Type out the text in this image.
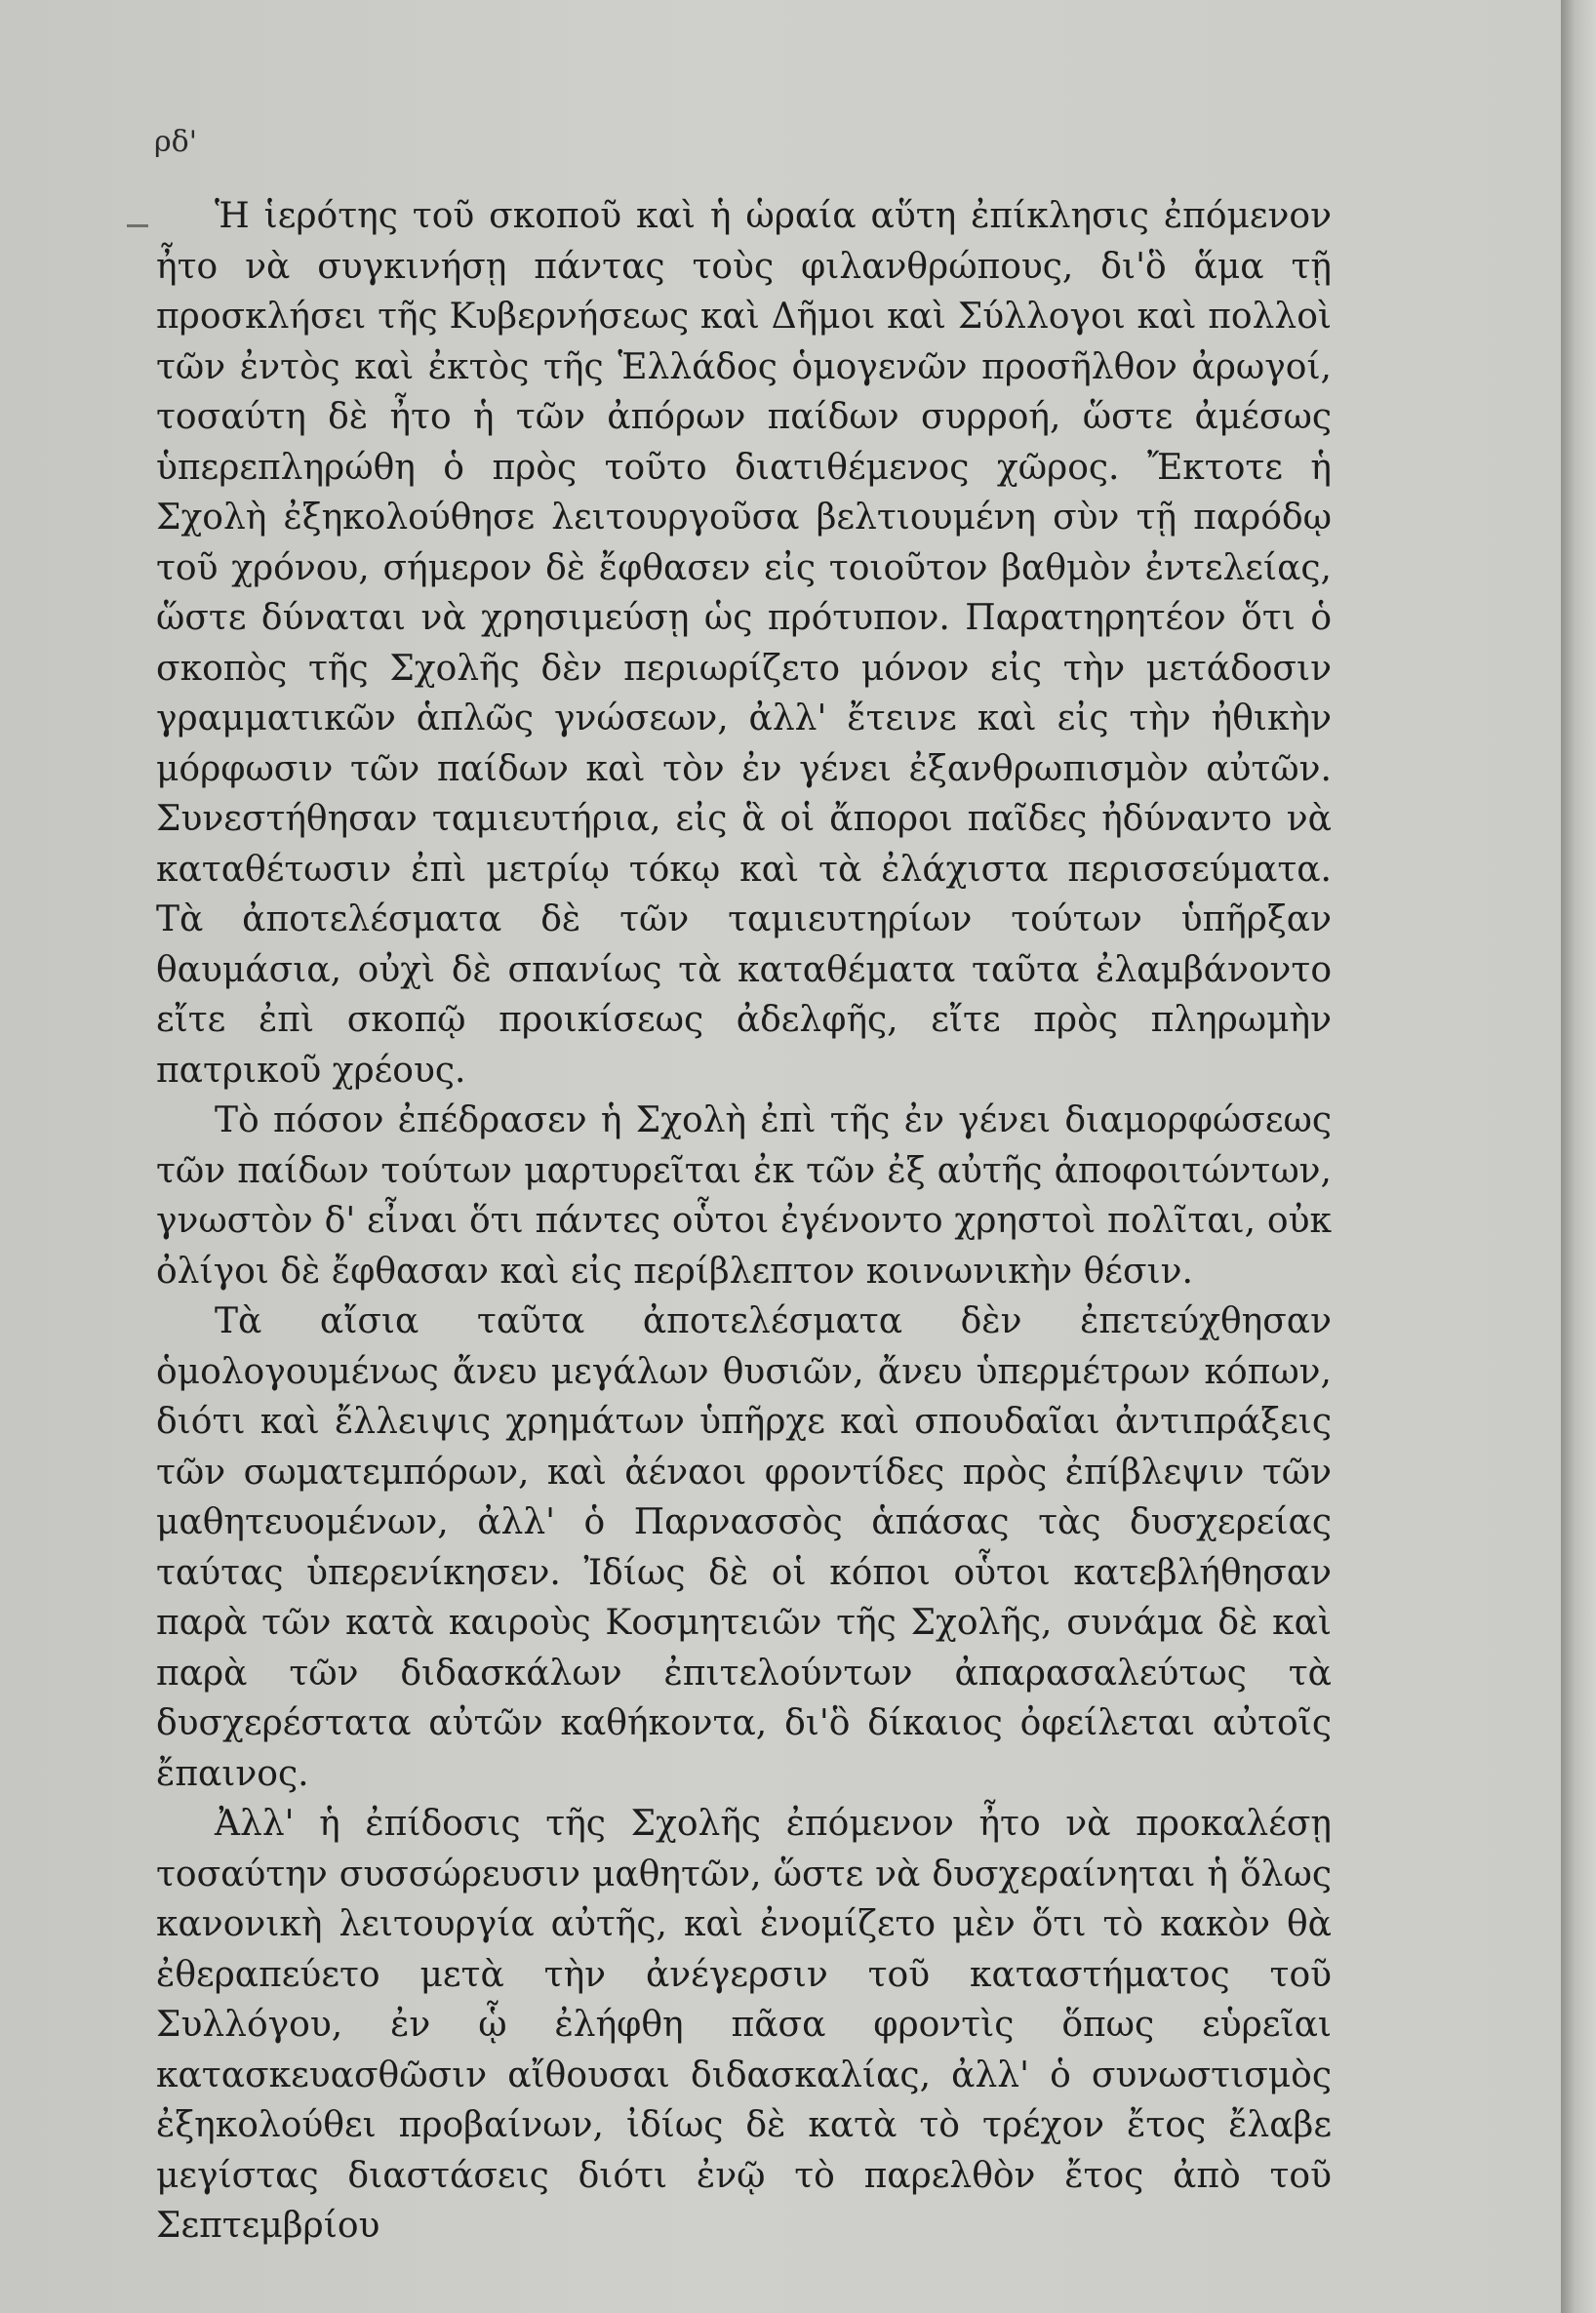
ρδ'

Ἡ ἱερότης τοῦ σκοποῦ καὶ ἡ ὡραία αὕτη ἐπίκλησις ἐπόμενον ἦτο νὰ συγκινήσῃ πάντας τοὺς φιλανθρώπους, δι'ὃ ἅμα τῇ προσκλήσει τῆς Κυβερνήσεως καὶ Δῆμοι καὶ Σύλλογοι καὶ πολλοὶ τῶν ἐντὸς καὶ ἐκτὸς τῆς Ἑλλάδος ὁμογενῶν προσῆλθον ἀρωγοί, τοσαύτη δὲ ἦτο ἡ τῶν ἀπόρων παίδων συρροή, ὥστε ἀμέσως ὑπερεπληρώθη ὁ πρὸς τοῦτο διατιθέμενος χῶρος. Ἔκτοτε ἡ Σχολὴ ἐξηκολούθησε λειτουργοῦσα βελτιουμένη σὺν τῇ παρόδῳ τοῦ χρόνου, σήμερον δὲ ἔφθασεν εἰς τοιοῦτον βαθμὸν ἐντελείας, ὥστε δύναται νὰ χρησιμεύσῃ ὡς πρότυπον. Παρατηρητέον ὅτι ὁ σκοπὸς τῆς Σχολῆς δὲν περιωρίζετο μόνον εἰς τὴν μετάδοσιν γραμματικῶν ἁπλῶς γνώσεων, ἀλλ' ἔτεινε καὶ εἰς τὴν ἠθικὴν μόρφωσιν τῶν παίδων καὶ τὸν ἐν γένει ἐξανθρωπισμὸν αὐτῶν. Συνεστήθησαν ταμιευτήρια, εἰς ἃ οἱ ἄποροι παῖδες ἠδύναντο νὰ καταθέτωσιν ἐπὶ μετρίῳ τόκῳ καὶ τὰ ἐλάχιστα περισσεύματα. Τὰ ἀποτελέσματα δὲ τῶν ταμιευτηρίων τούτων ὑπῆρξαν θαυμάσια, οὐχὶ δὲ σπανίως τὰ καταθέματα ταῦτα ἐλαμβάνοντο εἴτε ἐπὶ σκοπῷ προικίσεως ἀδελφῆς, εἴτε πρὸς πληρωμὴν πατρικοῦ χρέους.

Τὸ πόσον ἐπέδρασεν ἡ Σχολὴ ἐπὶ τῆς ἐν γένει διαμορφώσεως τῶν παίδων τούτων μαρτυρεῖται ἐκ τῶν ἐξ αὐτῆς ἀποφοιτώντων, γνωστὸν δ' εἶναι ὅτι πάντες οὗτοι ἐγένοντο χρηστοὶ πολῖται, οὐκ ὀλίγοι δὲ ἔφθασαν καὶ εἰς περίβλεπτον κοινωνικὴν θέσιν.

Τὰ αἴσια ταῦτα ἀποτελέσματα δὲν ἐπετεύχθησαν ὁμολογουμένως ἄνευ μεγάλων θυσιῶν, ἄνευ ὑπερμέτρων κόπων, διότι καὶ ἔλλειψις χρημάτων ὑπῆρχε καὶ σπουδαῖαι ἀντιπράξεις τῶν σωματεμπόρων, καὶ ἀέναοι φροντίδες πρὸς ἐπίβλεψιν τῶν μαθητευομένων, ἀλλ' ὁ Παρνασσὸς ἁπάσας τὰς δυσχερείας ταύτας ὑπερενίκησεν. Ἰδίως δὲ οἱ κόποι οὗτοι κατεβλήθησαν παρὰ τῶν κατὰ καιροὺς Κοσμητειῶν τῆς Σχολῆς, συνάμα δὲ καὶ παρὰ τῶν διδασκάλων ἐπιτελούντων ἀπαρασαλεύτως τὰ δυσχερέστατα αὐτῶν καθήκοντα, δι'ὃ δίκαιος ὀφείλεται αὐτοῖς ἔπαινος.

Ἀλλ' ἡ ἐπίδοσις τῆς Σχολῆς ἐπόμενον ἦτο νὰ προκαλέσῃ τοσαύτην συσσώρευσιν μαθητῶν, ὥστε νὰ δυσχεραίνηται ἡ ὅλως κανονικὴ λειτουργία αὐτῆς, καὶ ἐνομίζετο μὲν ὅτι τὸ κακὸν θὰ ἐθεραπεύετο μετὰ τὴν ἀνέγερσιν τοῦ καταστήματος τοῦ Συλλόγου, ἐν ᾧ ἐλήφθη πᾶσα φροντὶς ὅπως εὑρεῖαι κατασκευασθῶσιν αἴθουσαι διδασκαλίας, ἀλλ' ὁ συνωστισμὸς ἐξηκολούθει προβαίνων, ἰδίως δὲ κατὰ τὸ τρέχον ἔτος ἔλαβε μεγίστας διαστάσεις διότι ἐνῷ τὸ παρελθὸν ἔτος ἀπὸ τοῦ Σεπτεμβρίου
